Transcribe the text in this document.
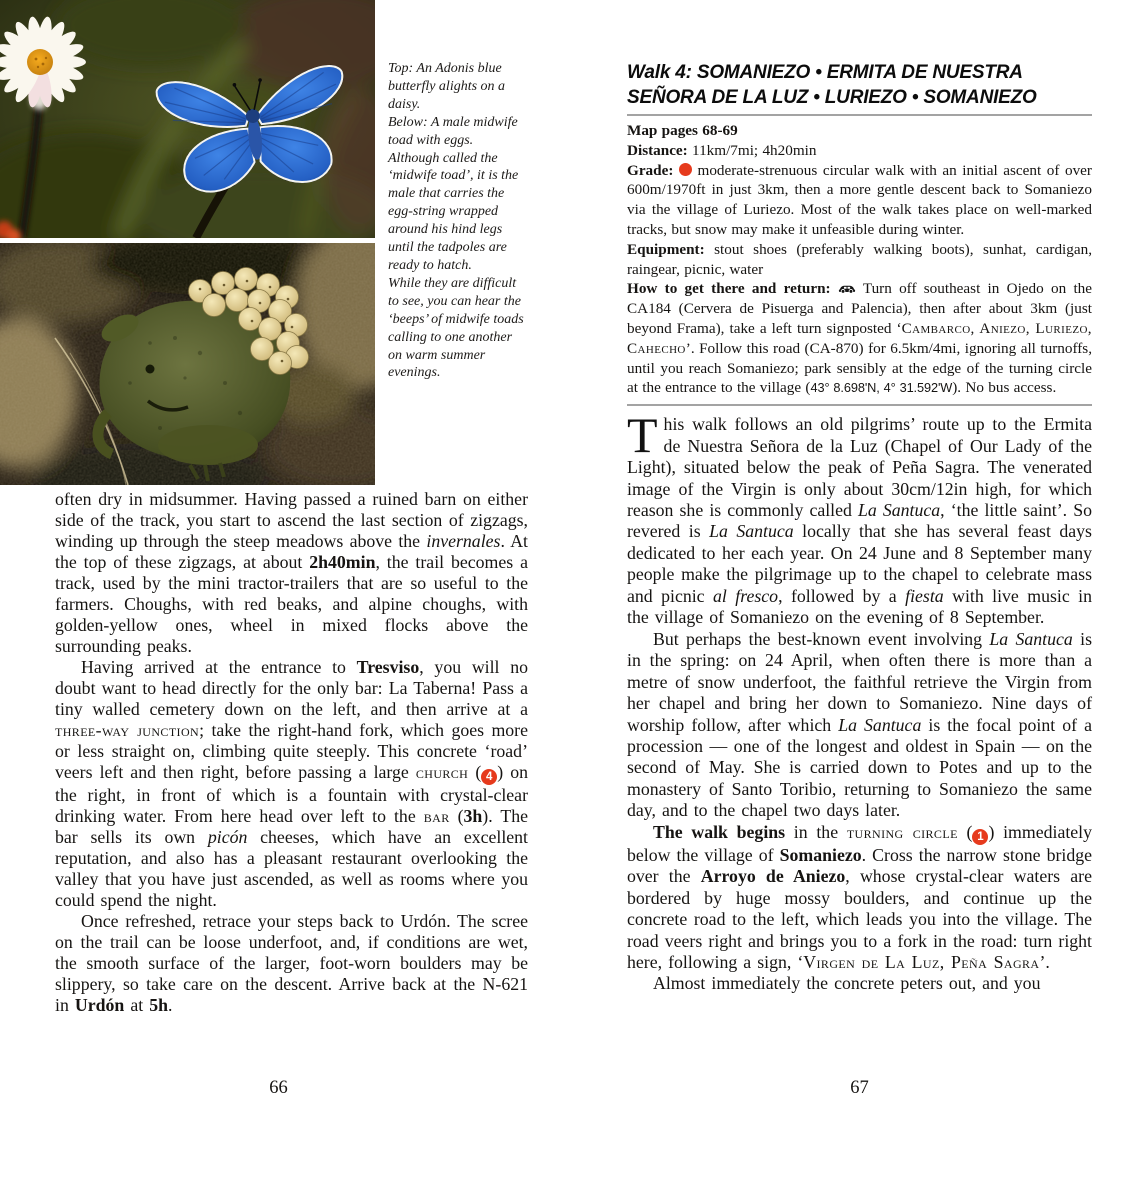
Top: An Adonis blue butterfly alights on a daisy.

Below: A male midwife toad with eggs. Although called the ‘midwife toad’, it is the male that carries the egg-string wrapped around his hind legs until the tadpoles are ready to hatch.

While they are difficult to see, you can hear the ‘beeps’ of midwife toads calling to one another on warm summer evenings.

often dry in midsummer. Having passed a ruined barn on either side of the track, you start to ascend the last section of zigzags, winding up through the steep meadows above the invernales. At the top of these zigzags, at about 2h40min, the trail becomes a track, used by the mini tractor-trailers that are so useful to the farmers. Choughs, with red beaks, and alpine choughs, with golden-yellow ones, wheel in mixed flocks above the surrounding peaks.

Having arrived at the entrance to Tresviso, you will no doubt want to head directly for the only bar: La Taberna! Pass a tiny walled cemetery down on the left, and then arrive at a three-way junction; take the right-hand fork, which goes more or less straight on, climbing quite steeply. This concrete ‘road’ veers left and then right, before passing a large church ( 4 ) on the right, in front of which is a fountain with crystal-clear drinking water. From here head over left to the bar (3h). The bar sells its own picón cheeses, which have an excellent reputation, and also has a pleasant restaurant overlooking the valley that you have just ascended, as well as rooms where you could spend the night.

Once refreshed, retrace your steps back to Urdón. The scree on the trail can be loose underfoot, and, if conditions are wet, the smooth surface of the larger, foot-worn boulders may be slippery, so take care on the descent. Arrive back at the N-621 in Urdón at 5h.

66
Walk 4: SOMANIEZO • ERMITA DE NUESTRA
SEÑORA DE LA LUZ • LURIEZO • SOMANIEZO

Map pages 68-69

Distance: 11km/7mi; 4h20min

Grade:  moderate-strenuous circular walk with an initial ascent of over 600m/1970ft in just 3km, then a more gentle descent back to Somaniezo via the village of Luriezo. Most of the walk takes place on well-marked tracks, but snow may make it unfeasible during winter.

Equipment: stout shoes (preferably walking boots), sunhat, cardigan, raingear, picnic, water

How to get there and return:  Turn off southeast in Ojedo on the CA184 (Cervera de Pisuerga and Palencia), then after about 3km (just beyond Frama), take a left turn signposted ‘Cambarco, Aniezo, Luriezo, Cahecho’. Follow this road (CA-870) for 6.5km/4mi, ignoring all turnoffs, until you reach Somaniezo; park sensibly at the edge of the turning circle at the entrance to the village (43° 8.698'N, 4° 31.592'W). No bus access.

This walk follows an old pilgrims’ route up to the Ermita de Nuestra Señora de la Luz (Chapel of Our Lady of the Light), situated below the peak of Peña Sagra. The venerated image of the Virgin is only about 30cm/12in high, for which reason she is commonly called La Santuca, ‘the little saint’. So revered is La Santuca locally that she has several feast days dedicated to her each year. On 24 June and 8 September many people make the pilgrimage up to the chapel to celebrate mass and picnic al fresco, followed by a fiesta with live music in the village of Somaniezo on the evening of 8 September.

But perhaps the best-known event involving La Santuca is in the spring: on 24 April, when often there is more than a metre of snow underfoot, the faithful retrieve the Virgin from her chapel and bring her down to Somaniezo. Nine days of worship follow, after which La Santuca is the focal point of a procession — one of the longest and oldest in Spain — on the second of May. She is carried down to Potes and up to the monastery of Santo Toribio, returning to Somaniezo the same day, and to the chapel two days later.

The walk begins in the turning circle ( 1 ) immediately below the village of Somaniezo. Cross the narrow stone bridge over the Arroyo de Aniezo, whose crystal-clear waters are bordered by huge mossy boulders, and continue up the concrete road to the left, which leads you into the village. The road veers right and brings you to a fork in the road: turn right here, following a sign, ‘Virgen de La Luz, Peña Sagra’.

Almost immediately the concrete peters out, and you

67
